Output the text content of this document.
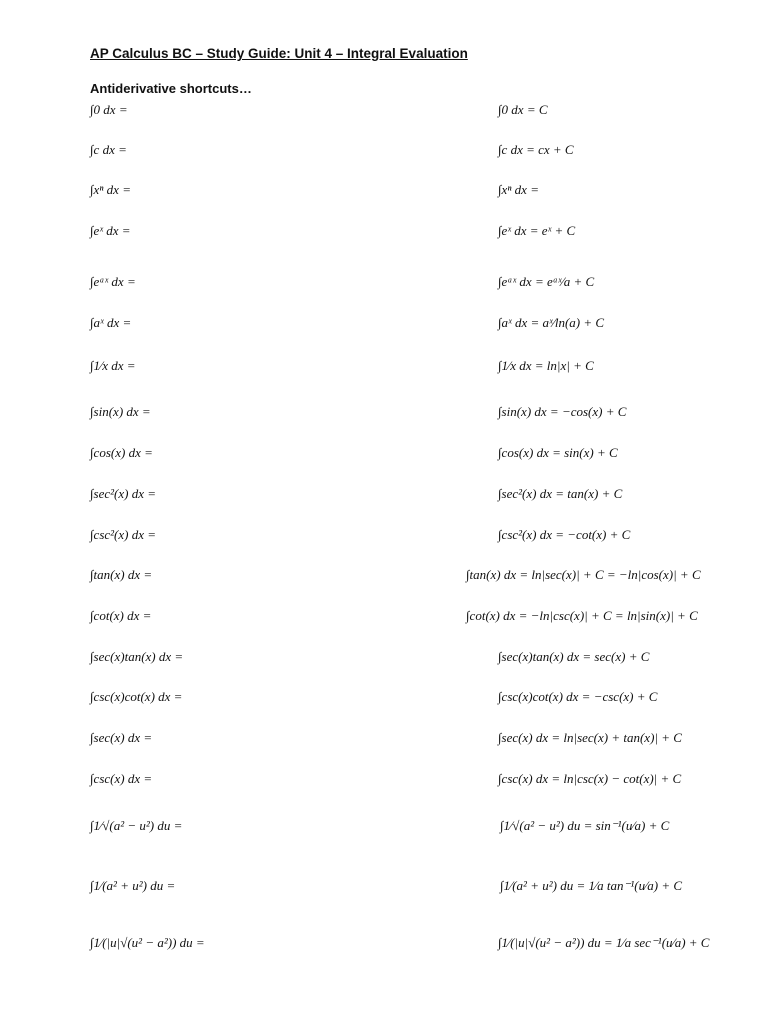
AP Calculus BC – Study Guide: Unit 4 – Integral Evaluation
Antiderivative shortcuts…
∫0 dx =	∫0 dx = C
∫c dx =	∫c dx = cx + C
∫xⁿ dx =	∫xⁿ dx =
∫eˣ dx =	∫eˣ dx = eˣ + C
∫eᵃˣ dx =	∫eᵃˣ dx = eᵃˣ⁄a + C
∫aˣ dx =	∫aˣ dx = aˣ⁄ln(a) + C
∫1⁄x dx =	∫1⁄x dx = ln|x| + C
∫sin(x) dx =	∫sin(x) dx = −cos(x) + C
∫cos(x) dx =	∫cos(x) dx = sin(x) + C
∫sec²(x) dx =	∫sec²(x) dx = tan(x) + C
∫csc²(x) dx =	∫csc²(x) dx = −cot(x) + C
∫tan(x) dx =	∫tan(x) dx = ln|sec(x)| + C = −ln|cos(x)| + C
∫cot(x) dx =	∫cot(x) dx = −ln|csc(x)| + C = ln|sin(x)| + C
∫sec(x)tan(x) dx =	∫sec(x)tan(x) dx = sec(x) + C
∫csc(x)cot(x) dx =	∫csc(x)cot(x) dx = −csc(x) + C
∫sec(x) dx =	∫sec(x) dx = ln|sec(x) + tan(x)| + C
∫csc(x) dx =	∫csc(x) dx = ln|csc(x) − cot(x)| + C
∫1⁄√(a² − u²) du =	∫1⁄√(a² − u²) du = sin⁻¹(u⁄a) + C
∫1⁄(a² + u²) du =	∫1⁄(a² + u²) du = 1⁄a tan⁻¹(u⁄a) + C
∫1⁄(|u|√(u² − a²)) du =	∫1⁄(|u|√(u² − a²)) du = 1⁄a sec⁻¹(u⁄a) + C
